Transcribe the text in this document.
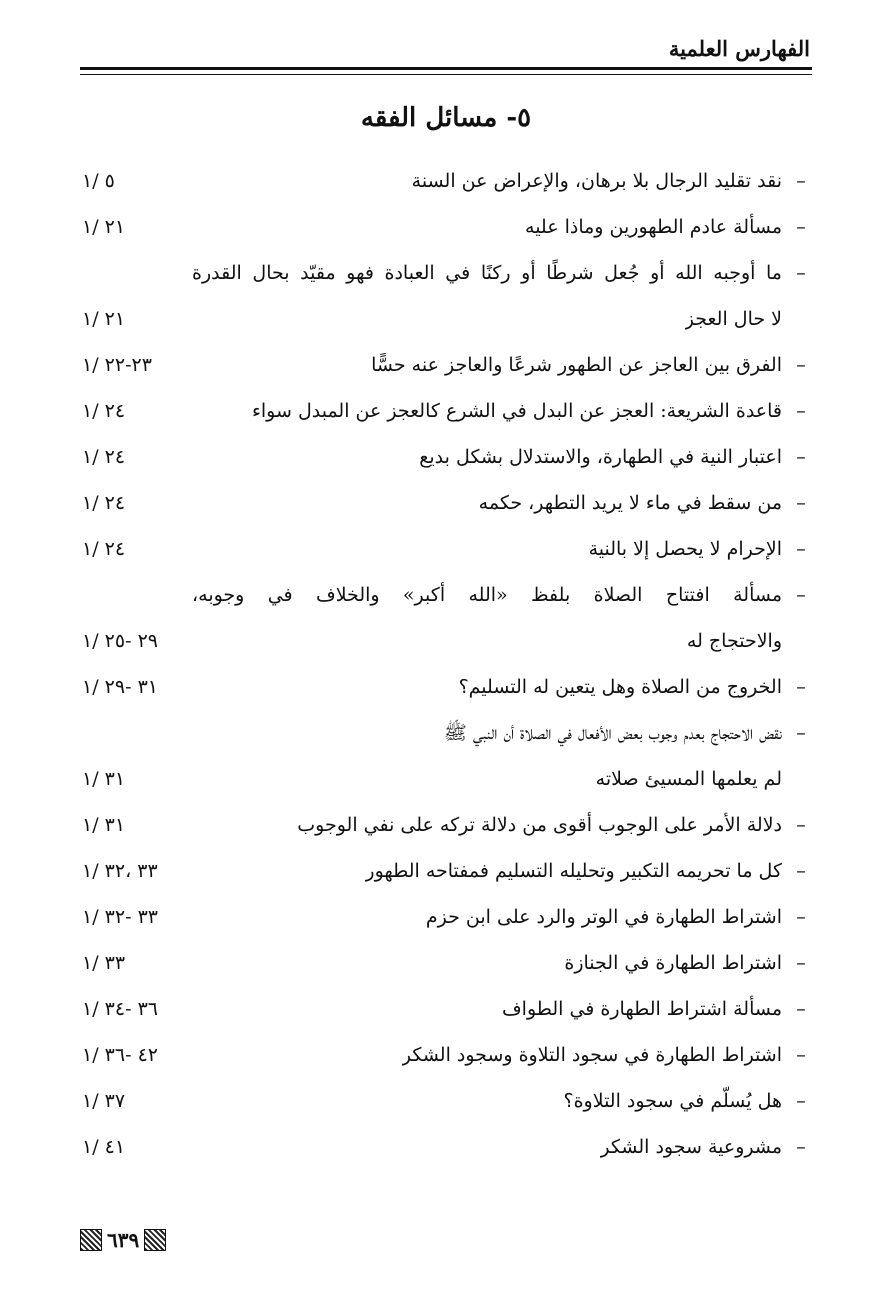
الفهارس العلمية
٥- مسائل الفقه
–
نقد تقليد الرجال بلا برهان، والإعراض عن السنة
٥ /١
–
مسألة عادم الطهورين وماذا عليه
٢١ /١
–
ما أوجبه الله أو جُعل شرطًا أو ركنًا في العبادة فهو مقيّد بحال القدرة
لا حال العجز
٢١ /١
–
الفرق بين العاجز عن الطهور شرعًا والعاجز عنه حسًّا
٢٣-٢٢ /١
–
قاعدة الشريعة: العجز عن البدل في الشرع كالعجز عن المبدل سواء
٢٤ /١
–
اعتبار النية في الطهارة، والاستدلال بشكل بديع
٢٤ /١
–
من سقط في ماء لا يريد التطهر، حكمه
٢٤ /١
–
الإحرام لا يحصل إلا بالنية
٢٤ /١
–
مسألة افتتاح الصلاة بلفظ «الله أكبر» والخلاف في وجوبه،
والاحتجاج له
٢٩ -٢٥ /١
–
الخروج من الصلاة وهل يتعين له التسليم؟
٣١ -٢٩ /١
–
نقض الاحتجاج بعدم وجوب بعض الأفعال في الصلاة أن النبي ﷺ
لم يعلمها المسيئ صلاته
٣١ /١
–
دلالة الأمر على الوجوب أقوى من دلالة تركه على نفي الوجوب
٣١ /١
–
كل ما تحريمه التكبير وتحليله التسليم فمفتاحه الطهور
٣٣ ،٣٢ /١
–
اشتراط الطهارة في الوتر والرد على ابن حزم
٣٣ -٣٢ /١
–
اشتراط الطهارة في الجنازة
٣٣ /١
–
مسألة اشتراط الطهارة في الطواف
٣٦ -٣٤ /١
–
اشتراط الطهارة في سجود التلاوة وسجود الشكر
٤٢ -٣٦ /١
–
هل يُسلّم في سجود التلاوة؟
٣٧ /١
–
مشروعية سجود الشكر
٤١ /١
٦٣٩
